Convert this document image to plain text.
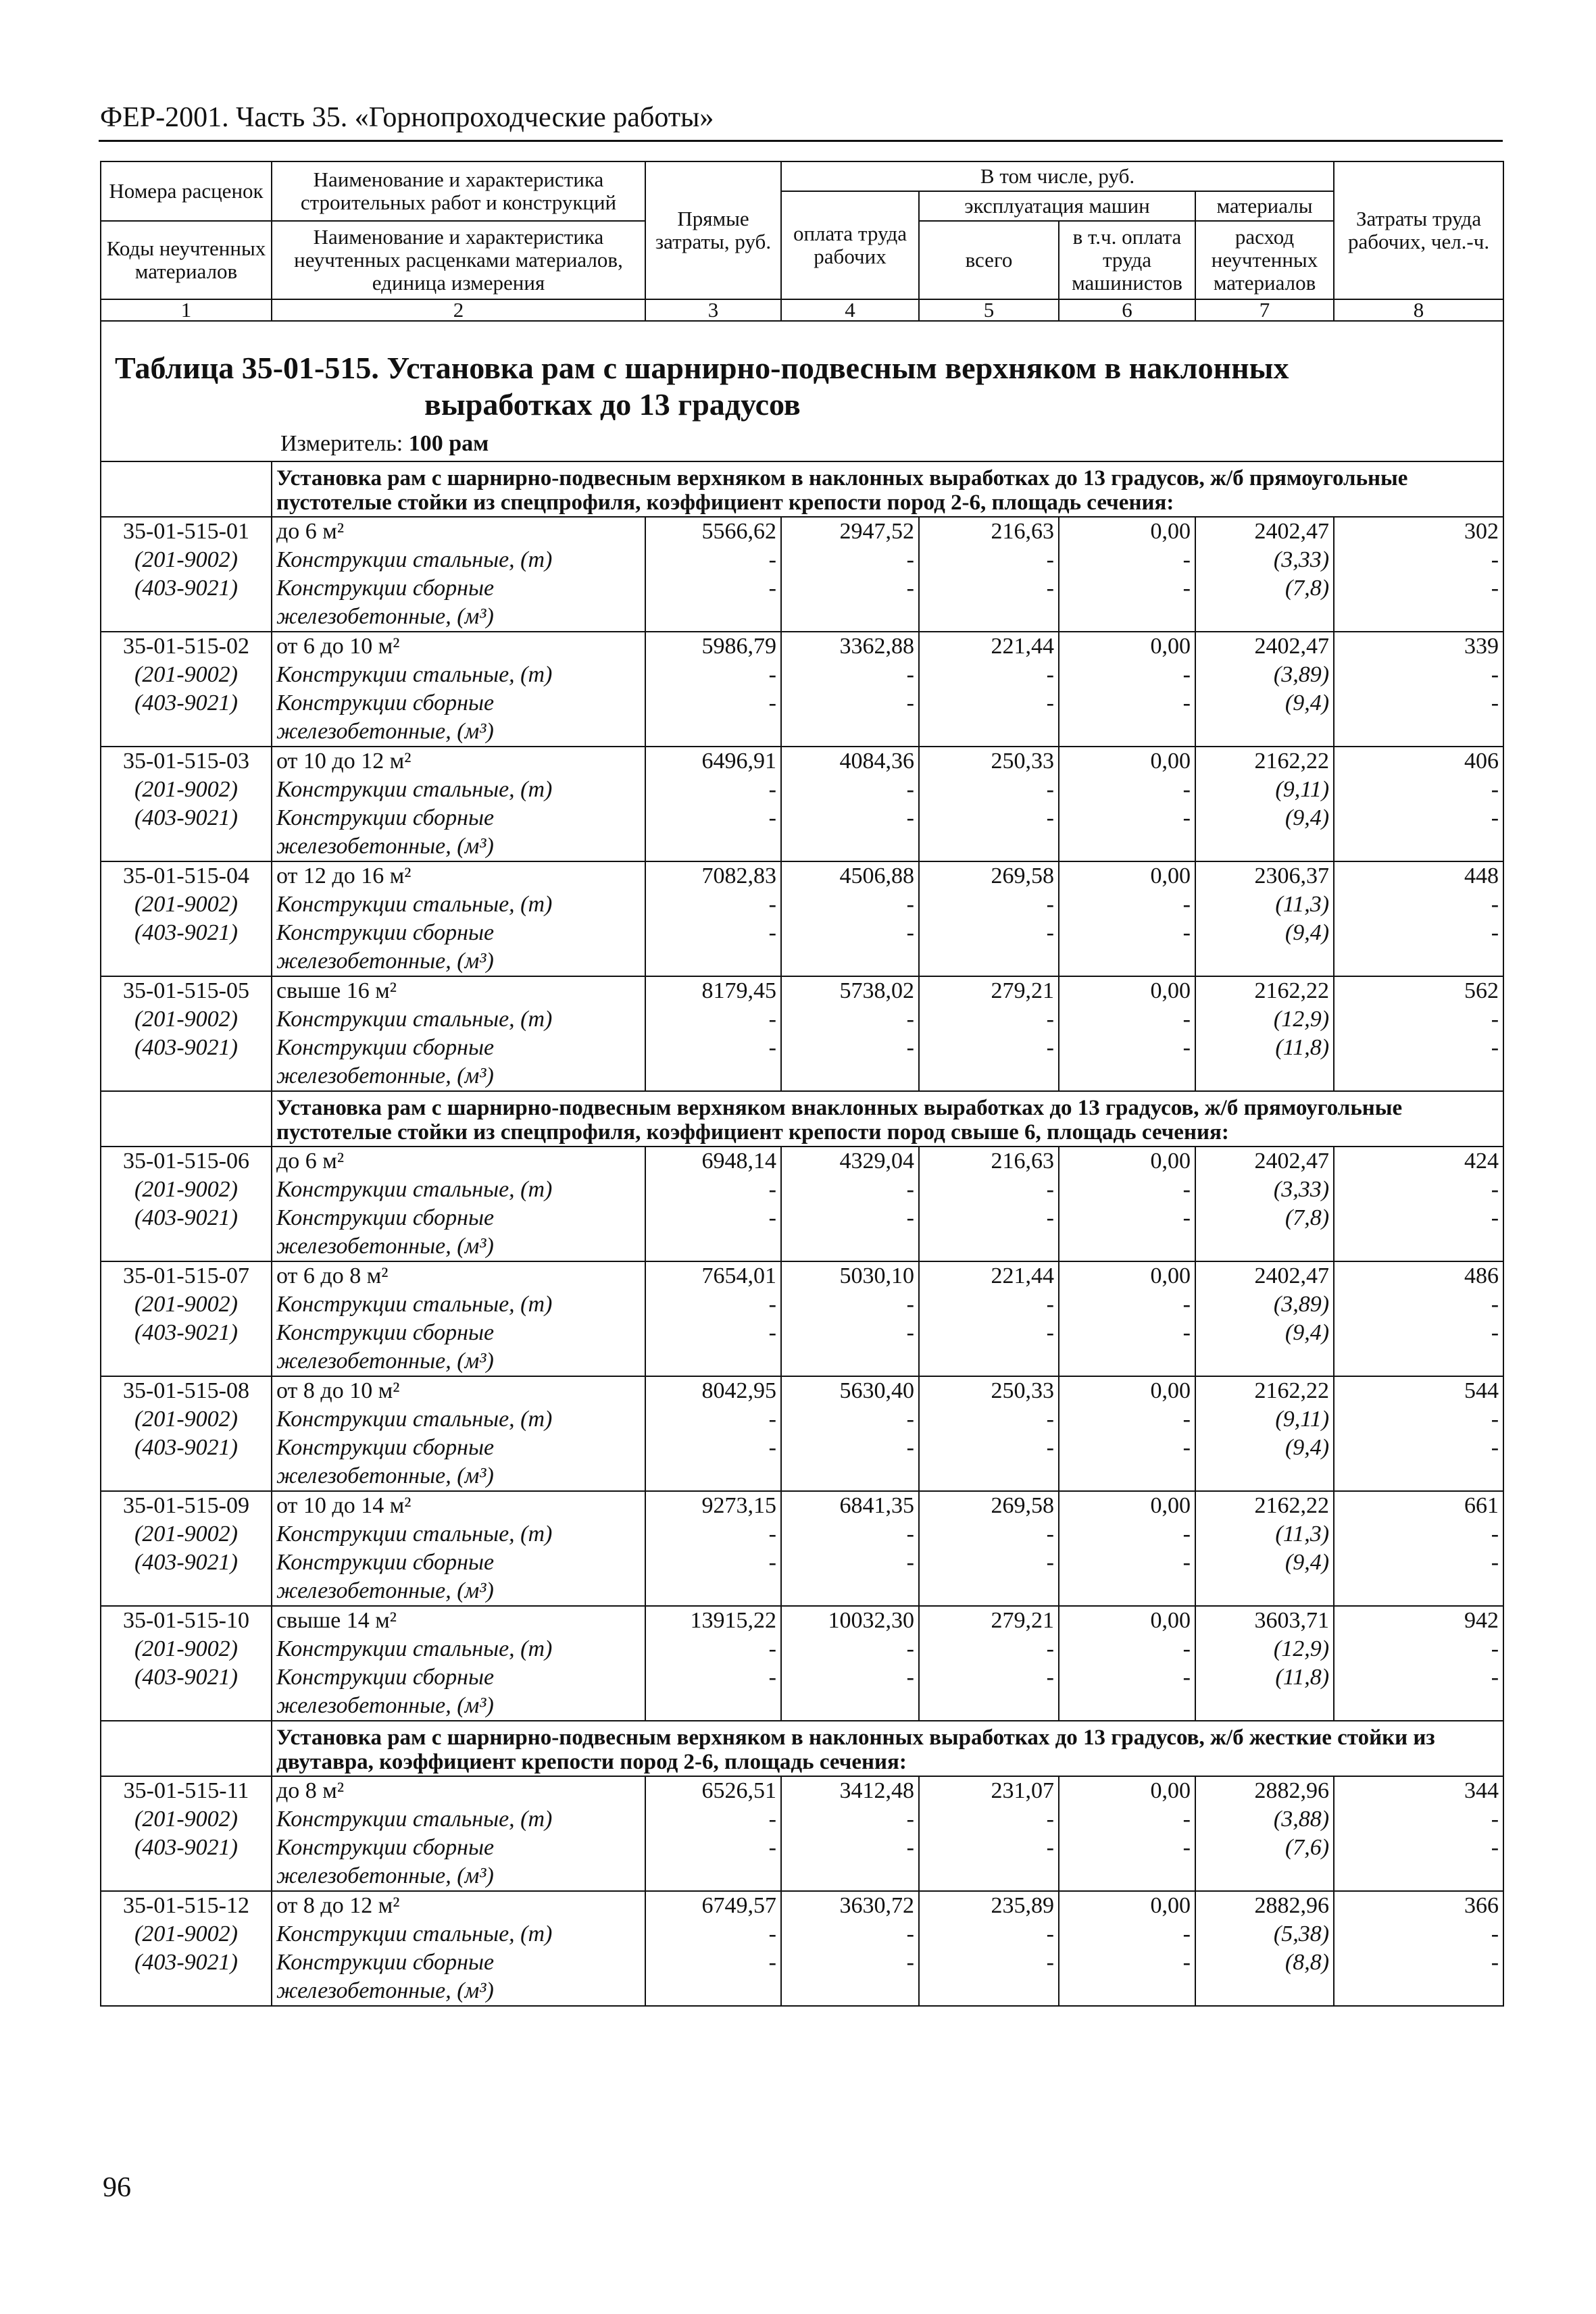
ФЕР-2001. Часть 35. «Горнопроходческие работы»
Номера расценок	Наименование и характеристика строительных работ и конструкций	Прямые затраты, руб.	В том числе, руб.				Затраты труда рабочих, чел.-ч.
			оплата труда рабочих	эксплуатация машин		материалы	
Коды неучтенных материалов	Наименование и характеристика неучтенных расценками материалов, единица измерения			всего	в т.ч. оплата труда машинистов	расход неучтенных материалов	

1	2	3	4	5	6	7	8

Таблица 35-01-515. Установка рам с шарнирно-подвесным верхняком в наклонных
выработках до 13 градусов
Измеритель: 100 рам							

	Установка рам с шарнирно-подвесным верхняком в наклонных выработках до 13 градусов, ж/б прямоугольные пустотелые стойки из спецпрофиля, коэффициент крепости пород 2-6, площадь сечения:						
35-01-515-01	до 6 м²	5566,62	2947,52	216,63	0,00	2402,47	302
(201-9002)	Конструкции стальные, (т)	-	-	-	-	(3,33)	-
(403-9021)	Конструкции сборные	-	-	-	-	(7,8)	-
	железобетонные, (м³)						
35-01-515-02	от 6 до 10 м²	5986,79	3362,88	221,44	0,00	2402,47	339
(201-9002)	Конструкции стальные, (т)	-	-	-	-	(3,89)	-
(403-9021)	Конструкции сборные	-	-	-	-	(9,4)	-
	железобетонные, (м³)						
35-01-515-03	от 10 до 12 м²	6496,91	4084,36	250,33	0,00	2162,22	406
(201-9002)	Конструкции стальные, (т)	-	-	-	-	(9,11)	-
(403-9021)	Конструкции сборные	-	-	-	-	(9,4)	-
	железобетонные, (м³)						
35-01-515-04	от 12 до 16 м²	7082,83	4506,88	269,58	0,00	2306,37	448
(201-9002)	Конструкции стальные, (т)	-	-	-	-	(11,3)	-
(403-9021)	Конструкции сборные	-	-	-	-	(9,4)	-
	железобетонные, (м³)						
35-01-515-05	свыше 16 м²	8179,45	5738,02	279,21	0,00	2162,22	562
(201-9002)	Конструкции стальные, (т)	-	-	-	-	(12,9)	-
(403-9021)	Конструкции сборные	-	-	-	-	(11,8)	-
	железобетонные, (м³)						
	Установка рам с шарнирно-подвесным верхняком внаклонных выработках до 13 градусов, ж/б прямоугольные пустотелые стойки из спецпрофиля, коэффициент крепости пород свыше 6, площадь сечения:						
35-01-515-06	до 6 м²	6948,14	4329,04	216,63	0,00	2402,47	424
(201-9002)	Конструкции стальные, (т)	-	-	-	-	(3,33)	-
(403-9021)	Конструкции сборные	-	-	-	-	(7,8)	-
	железобетонные, (м³)						
35-01-515-07	от 6 до 8 м²	7654,01	5030,10	221,44	0,00	2402,47	486
(201-9002)	Конструкции стальные, (т)	-	-	-	-	(3,89)	-
(403-9021)	Конструкции сборные	-	-	-	-	(9,4)	-
	железобетонные, (м³)						
35-01-515-08	от 8 до 10 м²	8042,95	5630,40	250,33	0,00	2162,22	544
(201-9002)	Конструкции стальные, (т)	-	-	-	-	(9,11)	-
(403-9021)	Конструкции сборные	-	-	-	-	(9,4)	-
	железобетонные, (м³)						
35-01-515-09	от 10 до 14 м²	9273,15	6841,35	269,58	0,00	2162,22	661
(201-9002)	Конструкции стальные, (т)	-	-	-	-	(11,3)	-
(403-9021)	Конструкции сборные	-	-	-	-	(9,4)	-
	железобетонные, (м³)						
35-01-515-10	свыше 14 м²	13915,22	10032,30	279,21	0,00	3603,71	942
(201-9002)	Конструкции стальные, (т)	-	-	-	-	(12,9)	-
(403-9021)	Конструкции сборные	-	-	-	-	(11,8)	-
	железобетонные, (м³)						
	Установка рам с шарнирно-подвесным верхняком в наклонных выработках до 13 градусов, ж/б жесткие стойки из двутавра, коэффициент крепости пород 2-6, площадь сечения:						
35-01-515-11	до 8 м²	6526,51	3412,48	231,07	0,00	2882,96	344
(201-9002)	Конструкции стальные, (т)	-	-	-	-	(3,88)	-
(403-9021)	Конструкции сборные	-	-	-	-	(7,6)	-
	железобетонные, (м³)						
35-01-515-12	от 8 до 12 м²	6749,57	3630,72	235,89	0,00	2882,96	366
(201-9002)	Конструкции стальные, (т)	-	-	-	-	(5,38)	-
(403-9021)	Конструкции сборные	-	-	-	-	(8,8)	-
	железобетонные, (м³)						
96
